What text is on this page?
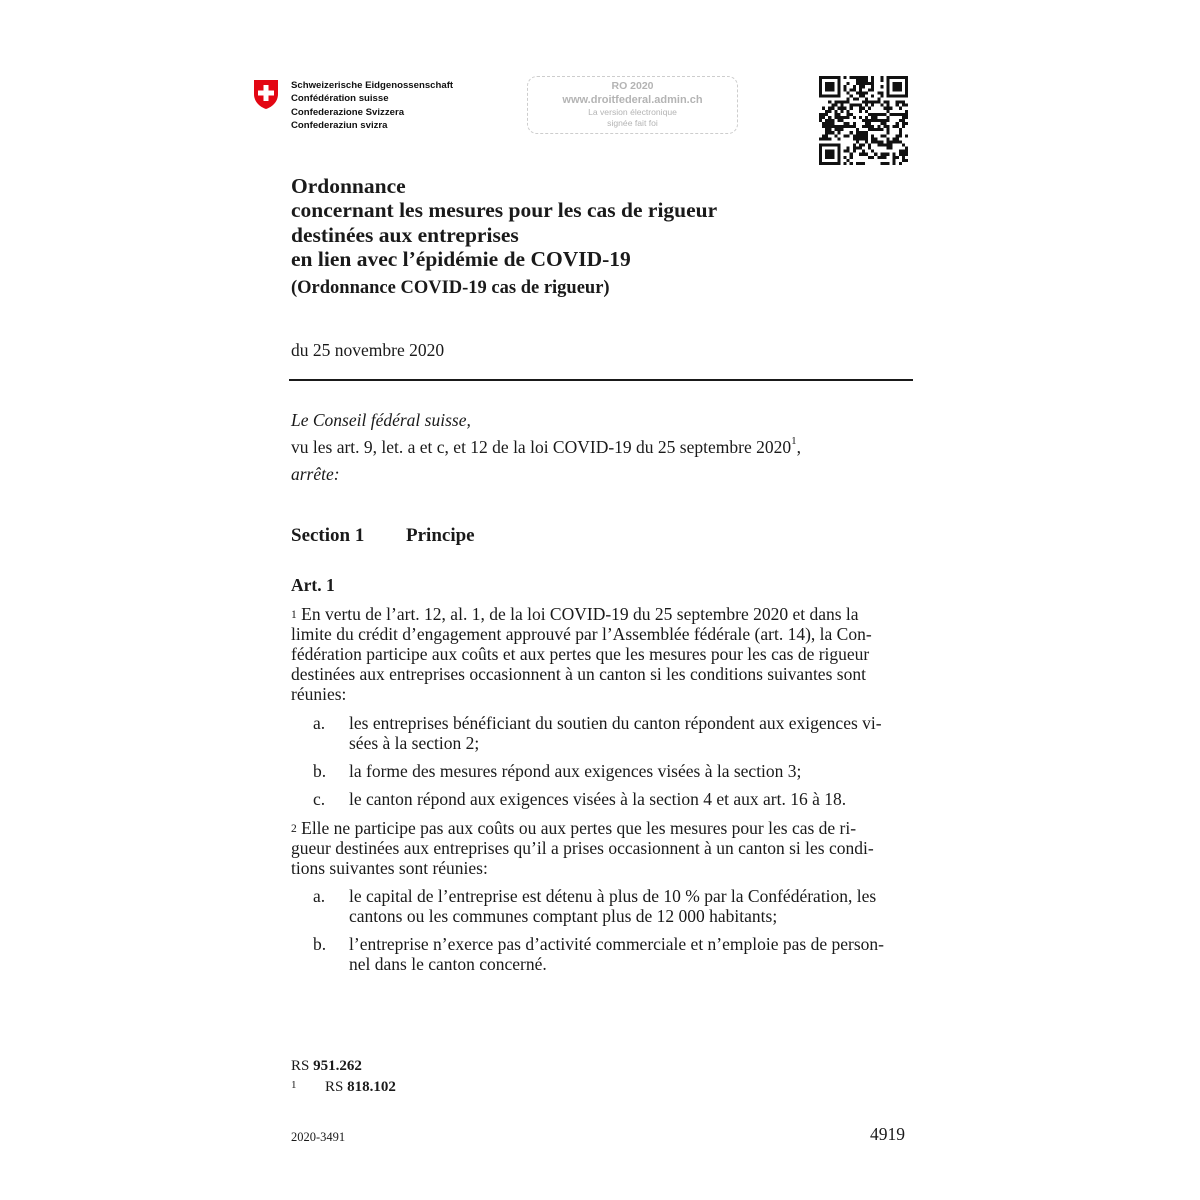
Schweizerische Eidgenossenschaft
Confédération suisse
Confederazione Svizzera
Confederaziun svizra
RO 2020
www.droitfederal.admin.ch
La version électronique
signée fait foi
Ordonnance
concernant les mesures pour les cas de rigueur
destinées aux entreprises
en lien avec l’épidémie de COVID-19
(Ordonnance COVID-19 cas de rigueur)
du 25 novembre 2020
Le Conseil fédéral suisse,
vu les art. 9, let. a et c, et 12 de la loi COVID-19 du 25 septembre 2020$^1$,
arrête:
Section 1 Principe
Art. 1
$^1$ En vertu de l’art. 12, al. 1, de la loi COVID-19 du 25 septembre 2020 et dans la
limite du crédit d’engagement approuvé par l’Assemblée fédérale (art. 14), la Con-
fédération participe aux coûts et aux pertes que les mesures pour les cas de rigueur
destinées aux entreprises occasionnent à un canton si les conditions suivantes sont
réunies:
a. les entreprises bénéficiant du soutien du canton répondent aux exigences vi-
sées à la section 2;
b. la forme des mesures répond aux exigences visées à la section 3;
c. le canton répond aux exigences visées à la section 4 et aux art. 16 à 18.
$^2$ Elle ne participe pas aux coûts ou aux pertes que les mesures pour les cas de ri-
gueur destinées aux entreprises qu’il a prises occasionnent à un canton si les condi-
tions suivantes sont réunies:
a. le capital de l’entreprise est détenu à plus de 10 % par la Confédération, les
cantons ou les communes comptant plus de 12 000 habitants;
b. l’entreprise n’exerce pas d’activité commerciale et n’emploie pas de person-
nel dans le canton concerné.
RS 951.262
$^1$ RS 818.102
2020-3491	4919
